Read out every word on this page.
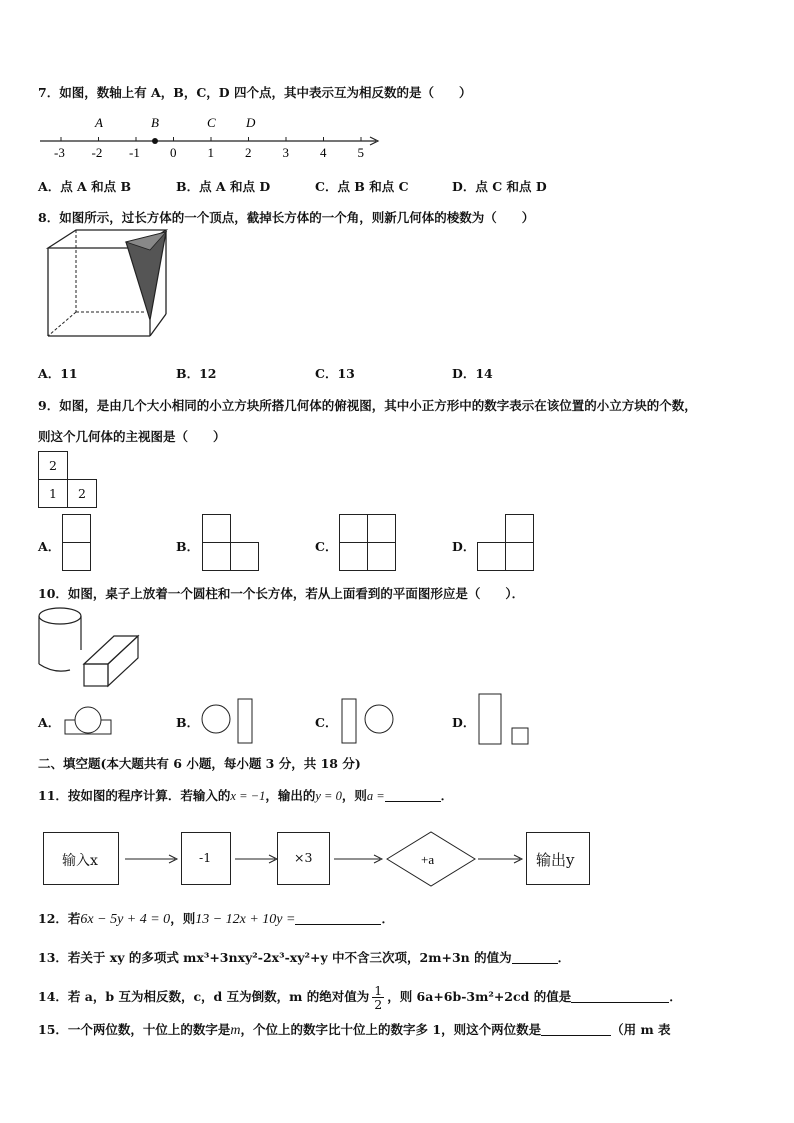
7．如图，数轴上有 A，B，C，D 四个点，其中表示互为相反数的是（　　）
-3 -2 -1 0 1 2 3 4 5
A	B	C D
A．点 A 和点 B	B．点 A 和点 D	C．点 B 和点 C	D．点 C 和点 D
8．如图所示，过长方体的一个顶点，截掉长方体的一个角，则新几何体的棱数为（　　）
A．11	B．12	C．13	D．14
9．如图，是由几个大小相同的小立方块所搭几何体的俯视图，其中小正方形中的数字表示在该位置的小立方块的个数，
则这个几何体的主视图是（　　）
2
1 2
A．	B．	C．	D．
10．如图，桌子上放着一个圆柱和一个长方体，若从上面看到的平面图形应是（　　）．
A．	B．	C．	D．
二、填空题(本大题共有 6 小题，每小题 3 分，共 18 分)
11．按如图的程序计算．若输入的x = −1，输出的y = 0，则a =	．
输入x	-1	×3	+a	输出y
12．若6x − 5y + 4 = 0，则13 − 12x + 10y =	．
13．若关于 xy 的多项式 mx³+3nxy²-2x³-xy²+y 中不含三次项，2m+3n 的值为	．
14．若 a，b 互为相反数，c，d 互为倒数，m 的绝对值为 $\frac{1}{2}$ ，则 6a+6b-3m²+2cd 的值是	．
15．一个两位数，十位上的数字是m，个位上的数字比十位上的数字多 1，则这个两位数是	（用 m 表
